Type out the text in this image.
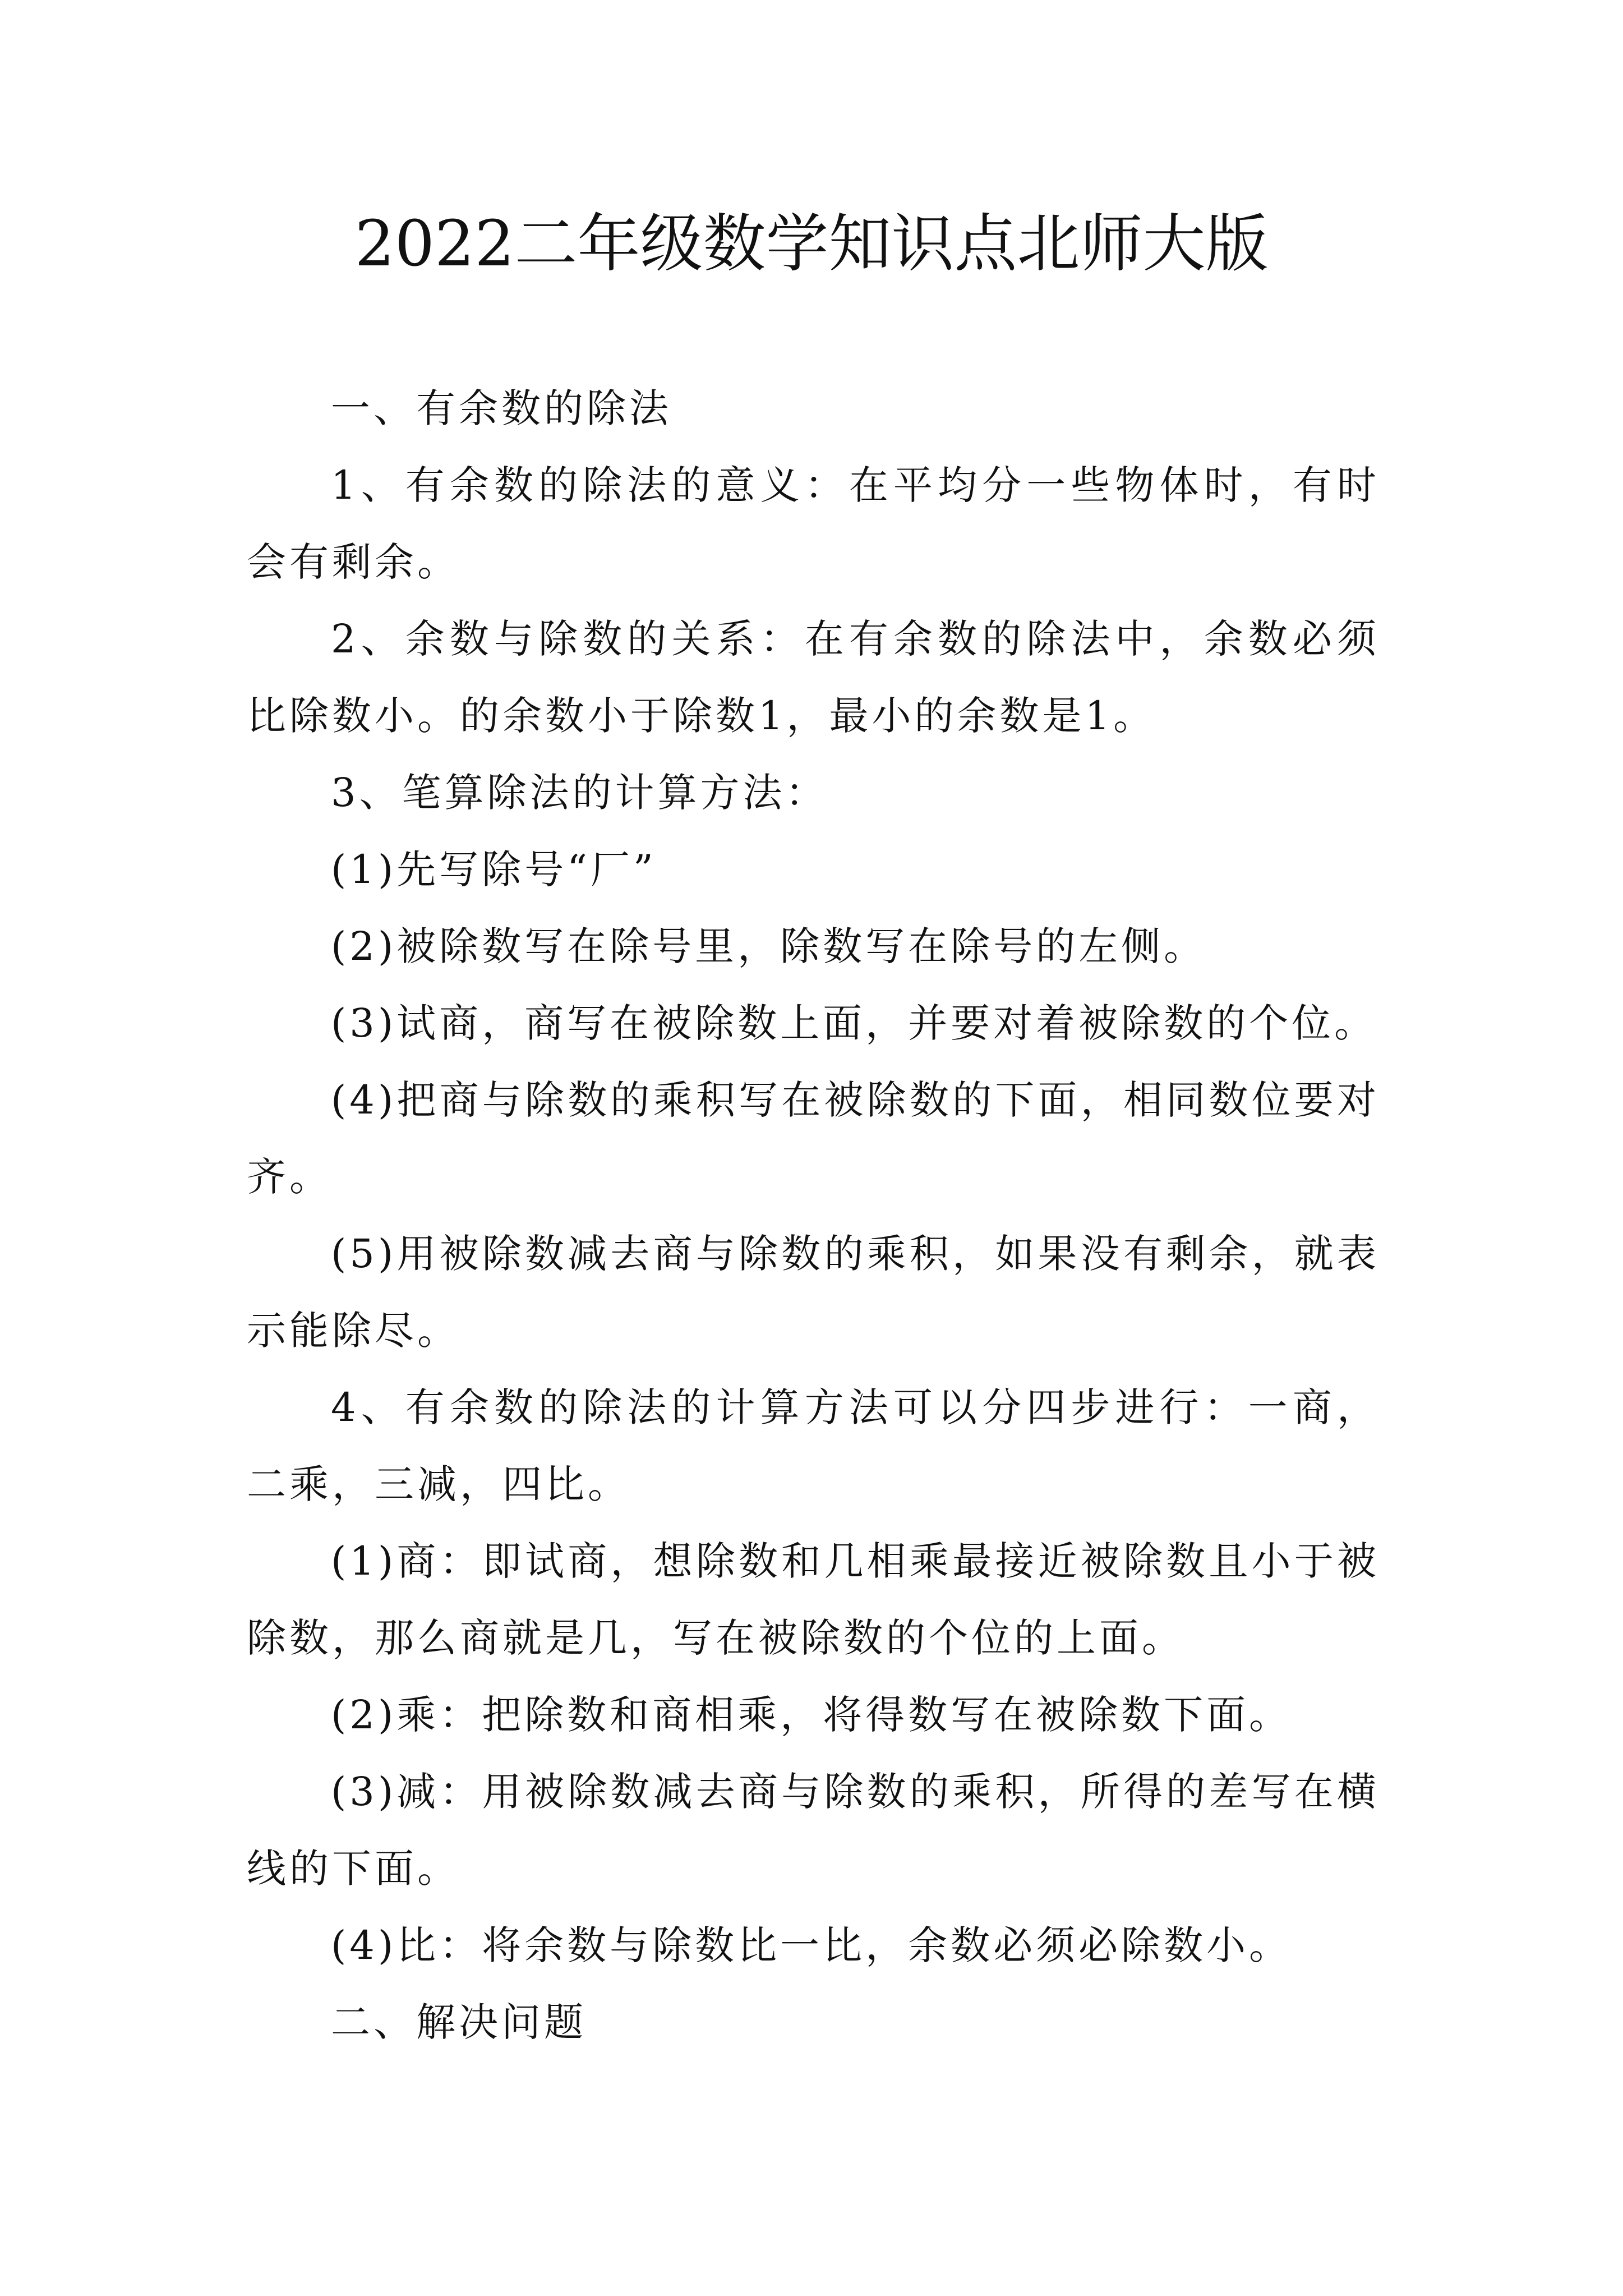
2022二年级数学知识点北师大版

一、有余数的除法

1、有余数的除法的意义：在平均分一些物体时，有时会有剩余。

2、余数与除数的关系：在有余数的除法中，余数必须比除数小。的余数小于除数1，最小的余数是1。

3、笔算除法的计算方法：

(1)先写除号“厂”

(2)被除数写在除号里，除数写在除号的左侧。

(3)试商，商写在被除数上面，并要对着被除数的个位。

(4)把商与除数的乘积写在被除数的下面，相同数位要对齐。

(5)用被除数减去商与除数的乘积，如果没有剩余，就表示能除尽。

4、有余数的除法的计算方法可以分四步进行：一商，二乘，三减，四比。

(1)商：即试商，想除数和几相乘最接近被除数且小于被除数，那么商就是几，写在被除数的个位的上面。

(2)乘：把除数和商相乘，将得数写在被除数下面。

(3)减：用被除数减去商与除数的乘积，所得的差写在横线的下面。

(4)比：将余数与除数比一比，余数必须必除数小。

二、解决问题
